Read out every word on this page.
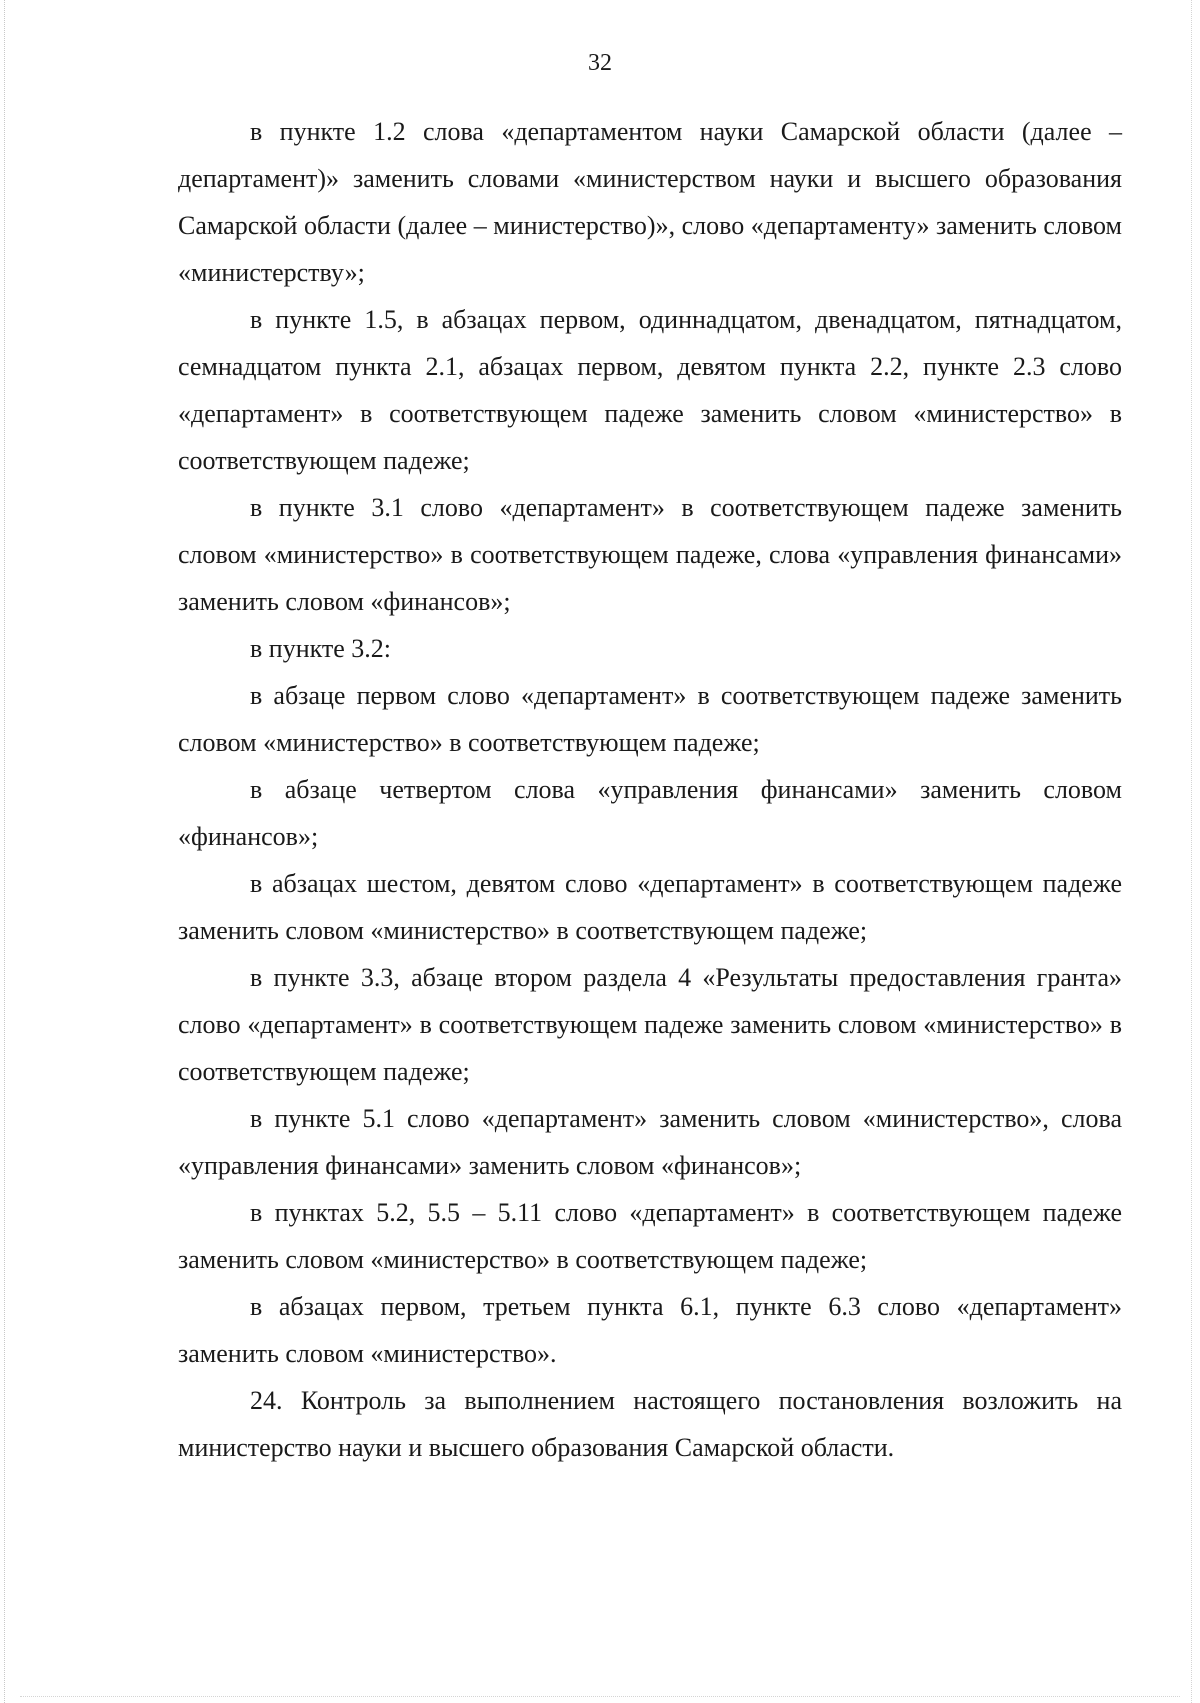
32

в пункте 1.2 слова «департаментом науки Самарской области (далее – департамент)» заменить словами «министерством науки и высшего образования Самарской области (далее – министерство)», слово «департаменту» заменить словом «министерству»;

в пункте 1.5, в абзацах первом, одиннадцатом, двенадцатом, пятнадцатом, семнадцатом пункта 2.1, абзацах первом, девятом пункта 2.2, пункте 2.3 слово «департамент» в соответствующем падеже заменить словом «министерство» в соответствующем падеже;

в пункте 3.1 слово «департамент» в соответствующем падеже заменить словом «министерство» в соответствующем падеже, слова «управления финансами» заменить словом «финансов»;

в пункте 3.2:

в абзаце первом слово «департамент» в соответствующем падеже заменить словом «министерство» в соответствующем падеже;

в абзаце четвертом слова «управления финансами» заменить словом «финансов»;

в абзацах шестом, девятом слово «департамент» в соответствующем падеже заменить словом «министерство» в соответствующем падеже;

в пункте 3.3, абзаце втором раздела 4 «Результаты предоставления гранта» слово «департамент» в соответствующем падеже заменить словом «министерство» в соответствующем падеже;

в пункте 5.1 слово «департамент» заменить словом «министерство», слова «управления финансами» заменить словом «финансов»;

в пунктах 5.2, 5.5 – 5.11 слово «департамент» в соответствующем падеже заменить словом «министерство» в соответствующем падеже;

в абзацах первом, третьем пункта 6.1, пункте 6.3 слово «департамент» заменить словом «министерство».

24. Контроль за выполнением настоящего постановления возложить на министерство науки и высшего образования Самарской области.
